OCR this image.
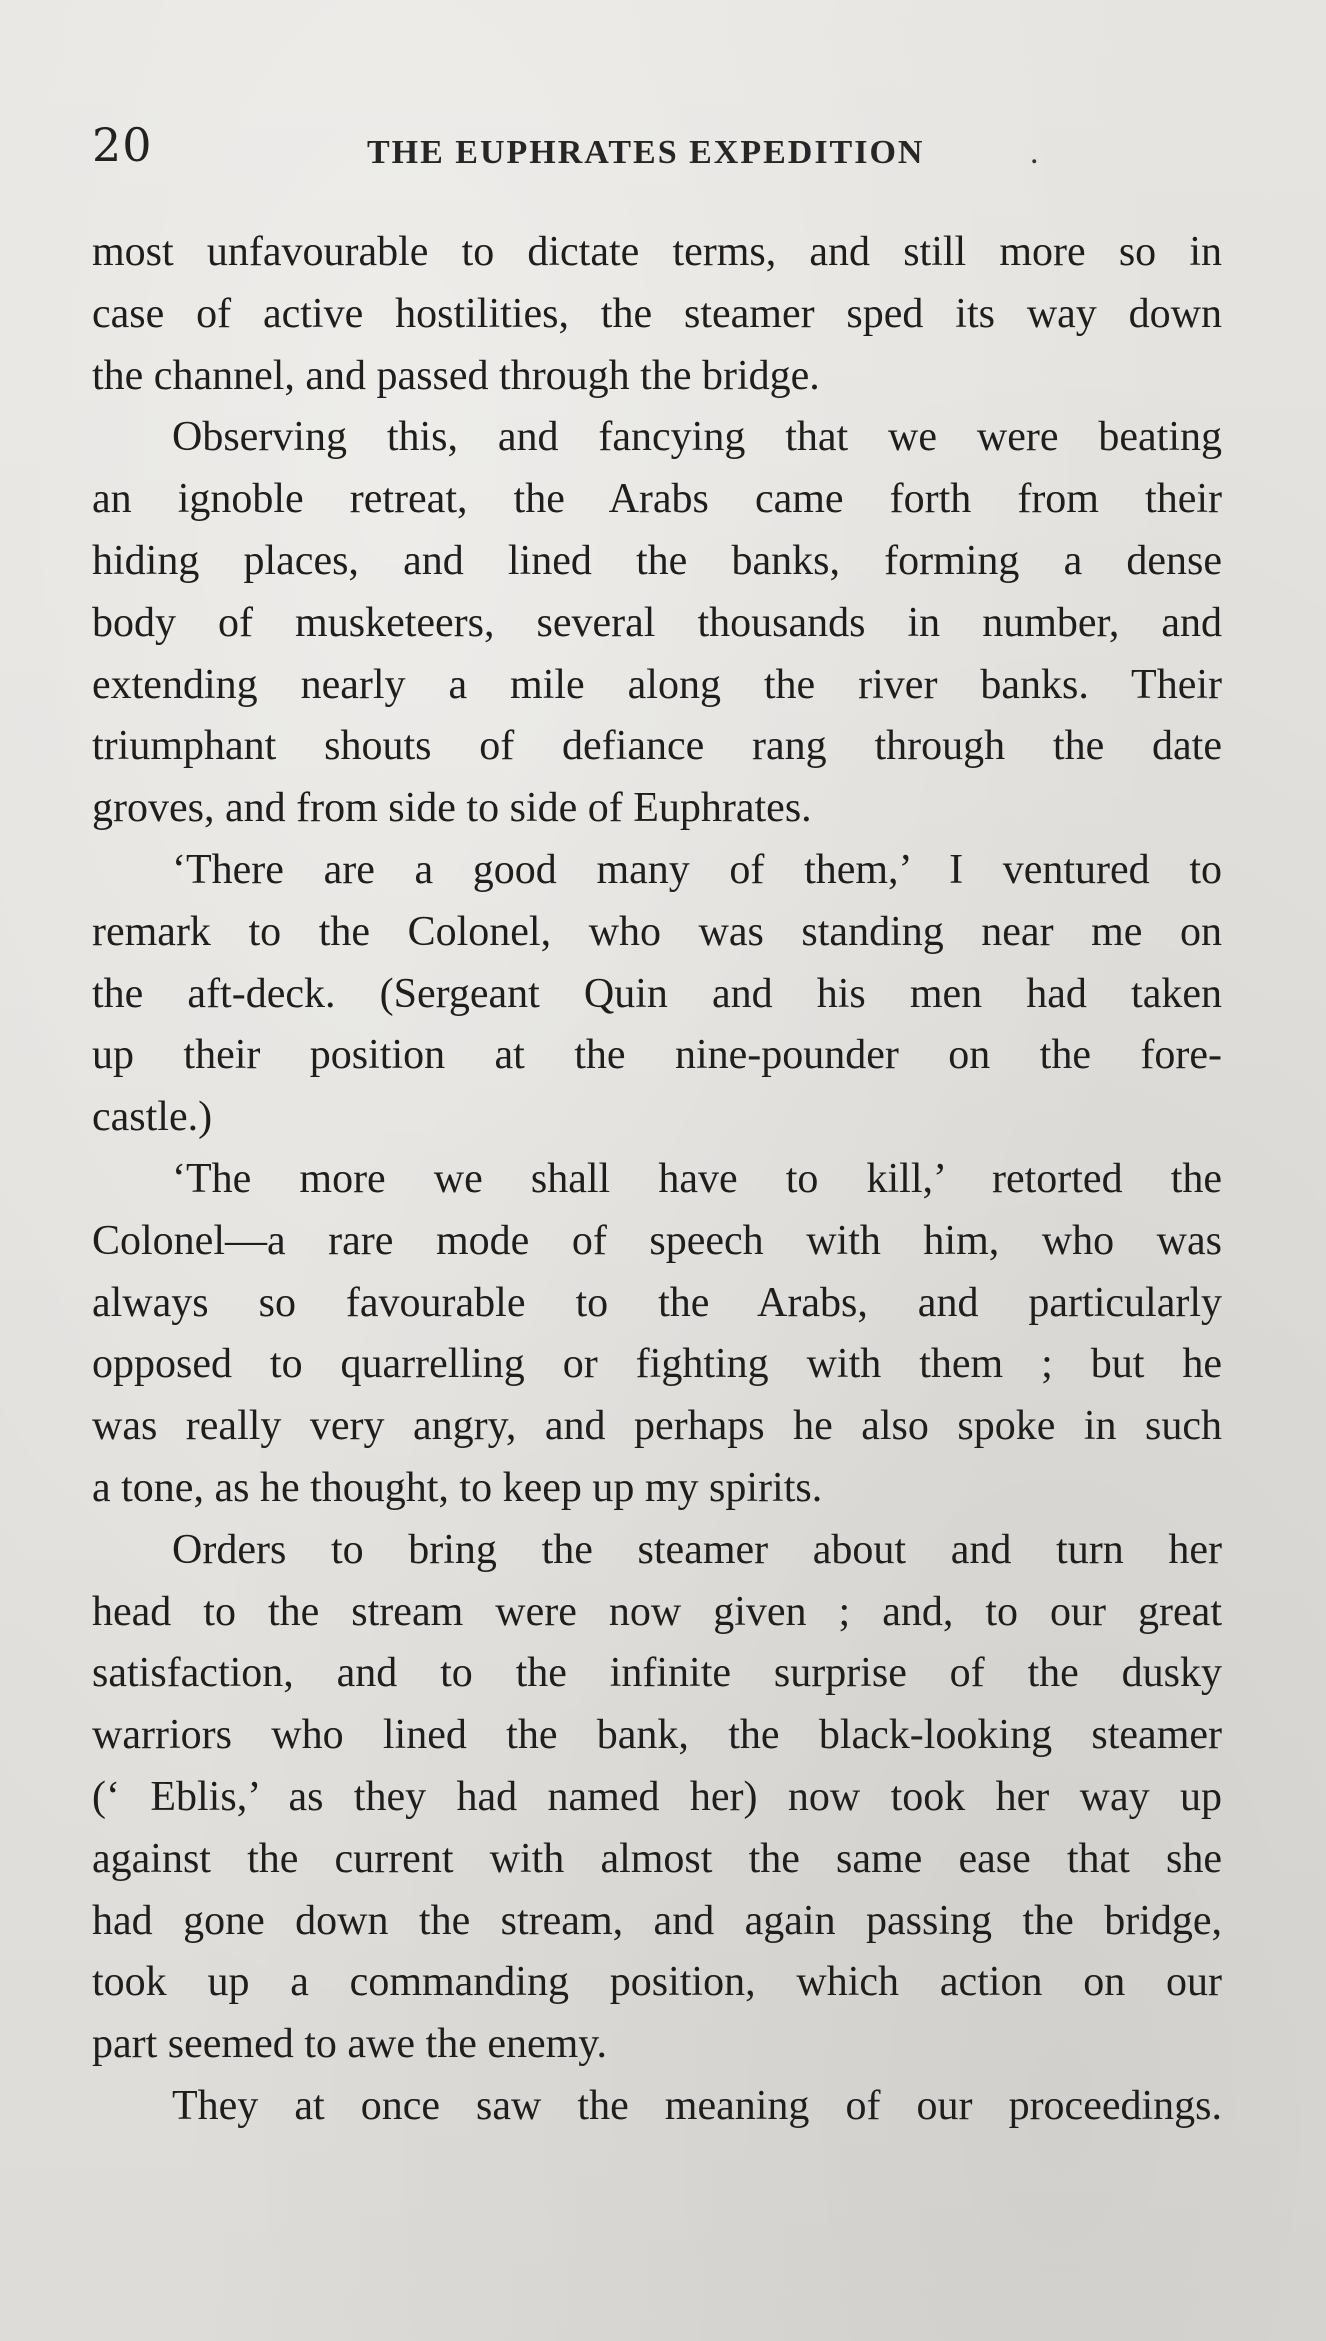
20	THE EUPHRATES EXPEDITION	.
most unfavourable to dictate terms, and still more so in
case of active hostilities, the steamer sped its way down
the channel, and passed through the bridge.
Observing this, and fancying that we were beating
an ignoble retreat, the Arabs came forth from their
hiding places, and lined the banks, forming a dense
body of musketeers, several thousands in number, and
extending nearly a mile along the river banks. Their
triumphant shouts of defiance rang through the date
groves, and from side to side of Euphrates.
‘There are a good many of them,’ I ventured to
remark to the Colonel, who was standing near me on
the aft-deck. (Sergeant Quin and his men had taken
up their position at the nine-pounder on the fore-
castle.)
‘The more we shall have to kill,’ retorted the
Colonel—a rare mode of speech with him, who was
always so favourable to the Arabs, and particularly
opposed to quarrelling or fighting with them ; but he
was really very angry, and perhaps he also spoke in such
a tone, as he thought, to keep up my spirits.
Orders to bring the steamer about and turn her
head to the stream were now given ; and, to our great
satisfaction, and to the infinite surprise of the dusky
warriors who lined the bank, the black-looking steamer
(‘ Eblis,’ as they had named her) now took her way up
against the current with almost the same ease that she
had gone down the stream, and again passing the bridge,
took up a commanding position, which action on our
part seemed to awe the enemy.
They at once saw the meaning of our proceedings.
